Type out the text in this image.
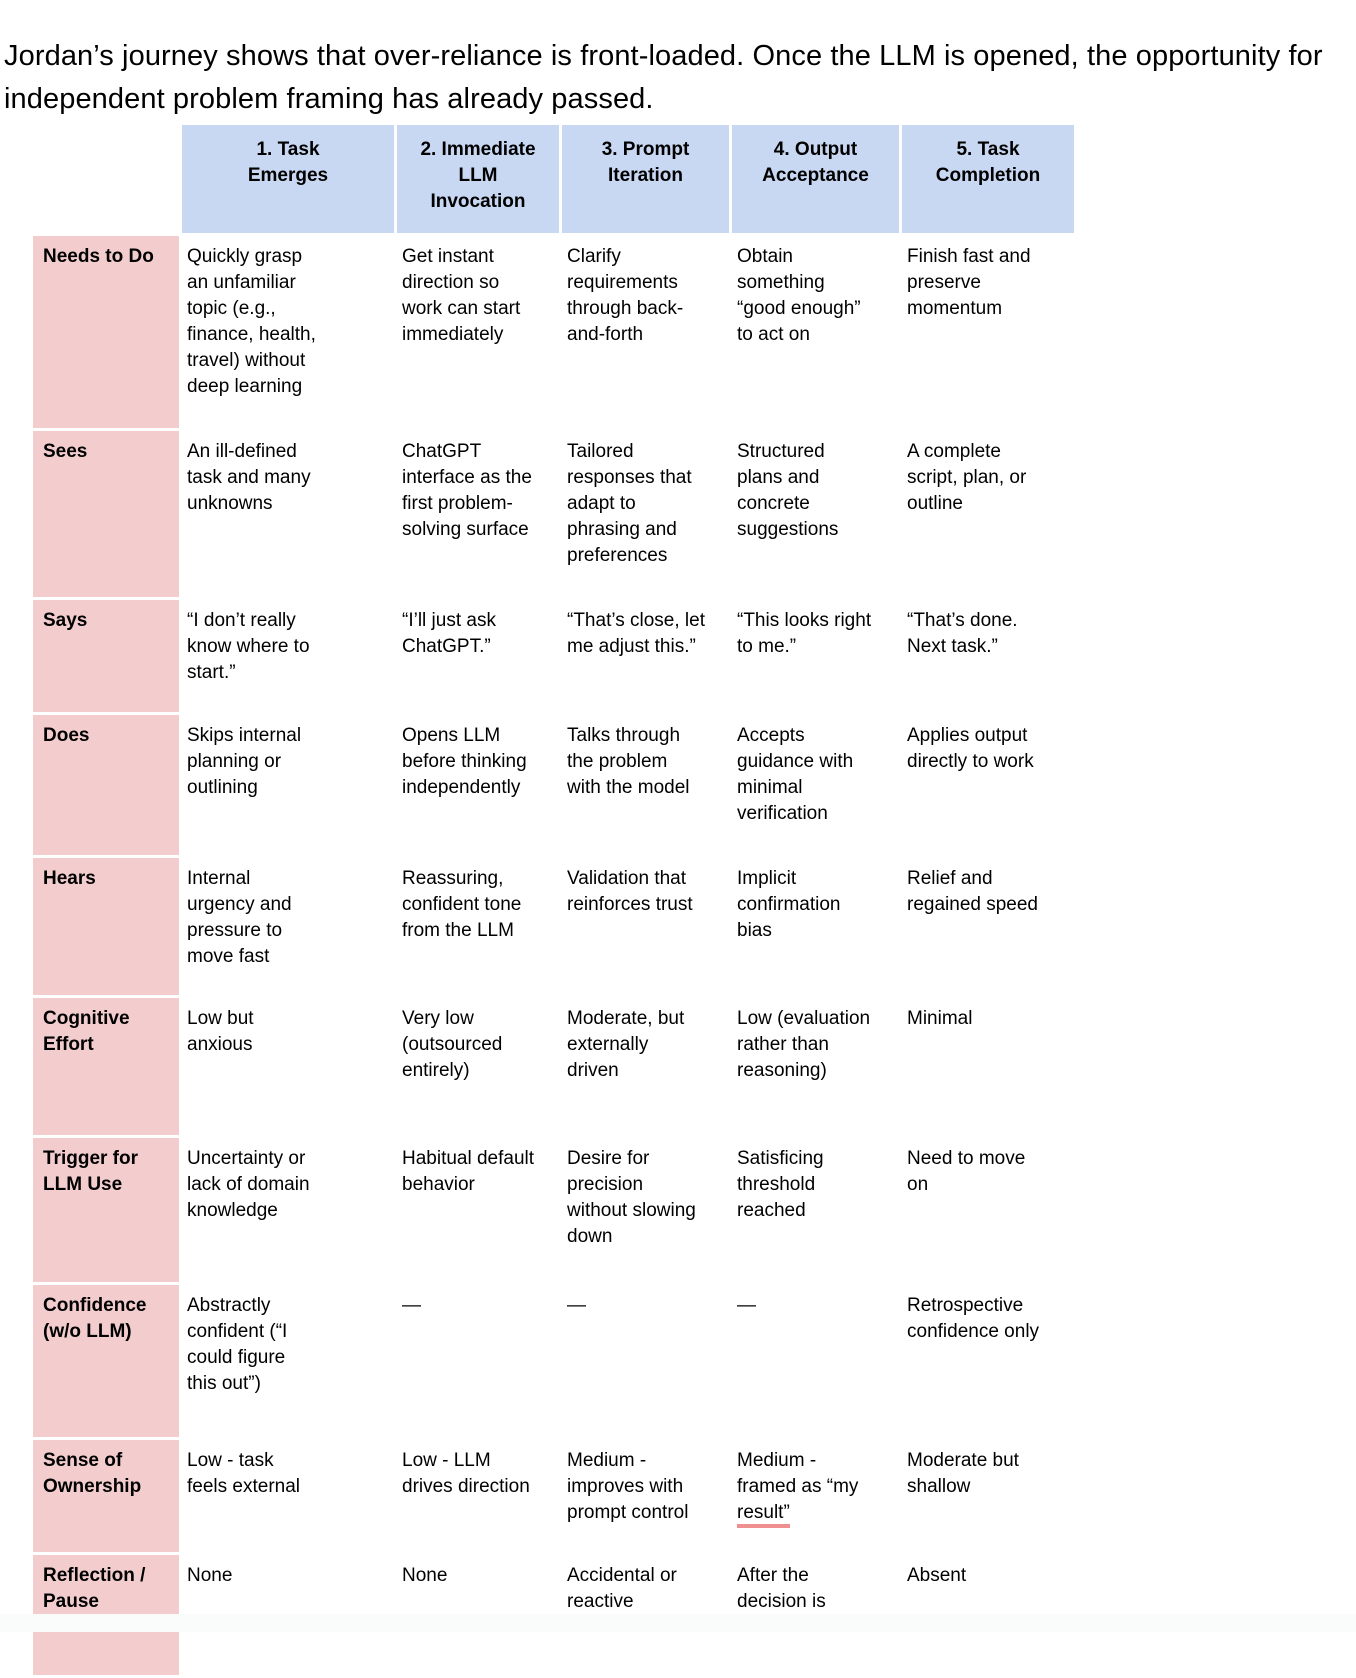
Jordan’s journey shows that over-reliance is front-loaded. Once the LLM is opened, the opportunity for independent problem framing has already passed.

	1. Task Emerges	2. Immediate LLM Invocation	3. Prompt Iteration	4. Output Acceptance	5. Task Completion

Needs to Do	Quickly grasp an unfamiliar topic (e.g., finance, health, travel) without deep learning	Get instant direction so work can start immediately	Clarify requirements through back-and-forth	Obtain something “good enough” to act on	Finish fast and preserve momentum
Sees	An ill-defined task and many unknowns	ChatGPT interface as the first problem-solving surface	Tailored responses that adapt to phrasing and preferences	Structured plans and concrete suggestions	A complete script, plan, or outline
Says	“I don’t really know where to start.”	“I’ll just ask ChatGPT.”	“That’s close, let me adjust this.”	“This looks right to me.”	“That’s done. Next task.”
Does	Skips internal planning or outlining	Opens LLM before thinking independently	Talks through the problem with the model	Accepts guidance with minimal verification	Applies output directly to work
Hears	Internal urgency and pressure to move fast	Reassuring, confident tone from the LLM	Validation that reinforces trust	Implicit confirmation bias	Relief and regained speed
Cognitive Effort	Low but anxious	Very low (outsourced entirely)	Moderate, but externally driven	Low (evaluation rather than reasoning)	Minimal
Trigger for LLM Use	Uncertainty or lack of domain knowledge	Habitual default behavior	Desire for precision without slowing down	Satisficing threshold reached	Need to move on
Confidence (w/o LLM)	Abstractly confident (“I could figure this out”)	—	—	—	Retrospective confidence only
Sense of Ownership	Low - task feels external	Low - LLM drives direction	Medium - improves with prompt control	Medium - framed as “my result”	Moderate but shallow
Reflection / Pause	None	None	Accidental or reactive	After the decision is	Absent
